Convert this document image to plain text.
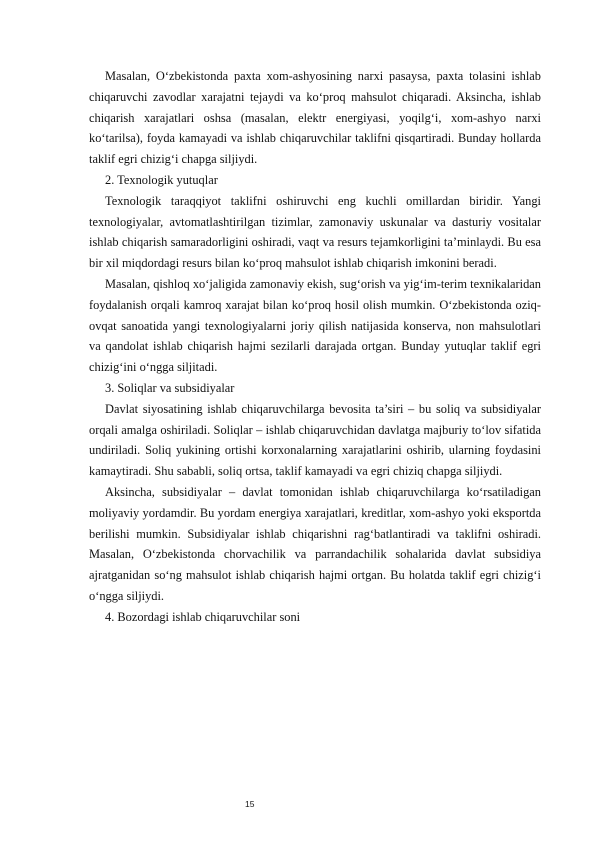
Masalan, O‘zbekistonda paxta xom-ashyosining narxi pasaysa, paxta tolasini ishlab chiqaruvchi zavodlar xarajatni tejaydi va ko‘proq mahsulot chiqaradi. Aksincha, ishlab chiqarish xarajatlari oshsa (masalan, elektr energiyasi, yoqilg‘i, xom-ashyo narxi ko‘tarilsa), foyda kamayadi va ishlab chiqaruvchilar taklifni qisqartiradi. Bunday hollarda taklif egri chizig‘i chapga siljiydi.

2. Texnologik yutuqlar

Texnologik taraqqiyot taklifni oshiruvchi eng kuchli omillardan biridir. Yangi texnologiyalar, avtomatlashtirilgan tizimlar, zamonaviy uskunalar va dasturiy vositalar ishlab chiqarish samaradorligini oshiradi, vaqt va resurs tejamkorligini ta’minlaydi. Bu esa bir xil miqdordagi resurs bilan ko‘proq mahsulot ishlab chiqarish imkonini beradi.

Masalan, qishloq xo‘jaligida zamonaviy ekish, sug‘orish va yig‘im-terim texnikalaridan foydalanish orqali kamroq xarajat bilan ko‘proq hosil olish mumkin. O‘zbekistonda oziq-ovqat sanoatida yangi texnologiyalarni joriy qilish natijasida konserva, non mahsulotlari va qandolat ishlab chiqarish hajmi sezilarli darajada ortgan. Bunday yutuqlar taklif egri chizig‘ini o‘ngga siljitadi.

3. Soliqlar va subsidiyalar

Davlat siyosatining ishlab chiqaruvchilarga bevosita ta’siri – bu soliq va subsidiyalar orqali amalga oshiriladi. Soliqlar – ishlab chiqaruvchidan davlatga majburiy to‘lov sifatida undiriladi. Soliq yukining ortishi korxonalarning xarajatlarini oshirib, ularning foydasini kamaytiradi. Shu sababli, soliq ortsa, taklif kamayadi va egri chiziq chapga siljiydi.

Aksincha, subsidiyalar – davlat tomonidan ishlab chiqaruvchilarga ko‘rsatiladigan moliyaviy yordamdir. Bu yordam energiya xarajatlari, kreditlar, xom-ashyo yoki eksportda berilishi mumkin. Subsidiyalar ishlab chiqarishni rag‘batlantiradi va taklifni oshiradi. Masalan, O‘zbekistonda chorvachilik va parrandachilik sohalarida davlat subsidiya ajratganidan so‘ng mahsulot ishlab chiqarish hajmi ortgan. Bu holatda taklif egri chizig‘i o‘ngga siljiydi.

4. Bozordagi ishlab chiqaruvchilar soni

15
